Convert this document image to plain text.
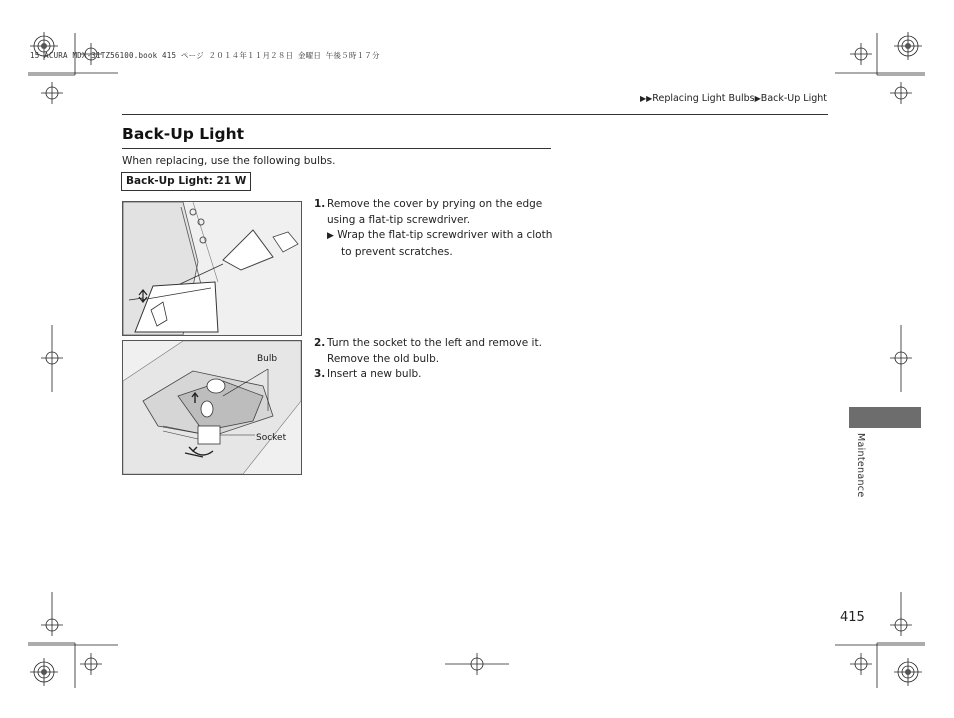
15 ACURA MDX-31TZ56100.book 415 ページ ２０１４年１１月２８日 金曜日 午後５時１７分
▶▶Replacing Light Bulbs▶Back-Up Light
Back-Up Light
When replacing, use the following bulbs.
Back-Up Light: 21 W
1. Remove the cover by prying on the edge
using a flat-tip screwdriver.
▶ Wrap the flat-tip screwdriver with a cloth
to prevent scratches.
Bulb
Socket
2. Turn the socket to the left and remove it.
Remove the old bulb.
3. Insert a new bulb.
Maintenance
415
